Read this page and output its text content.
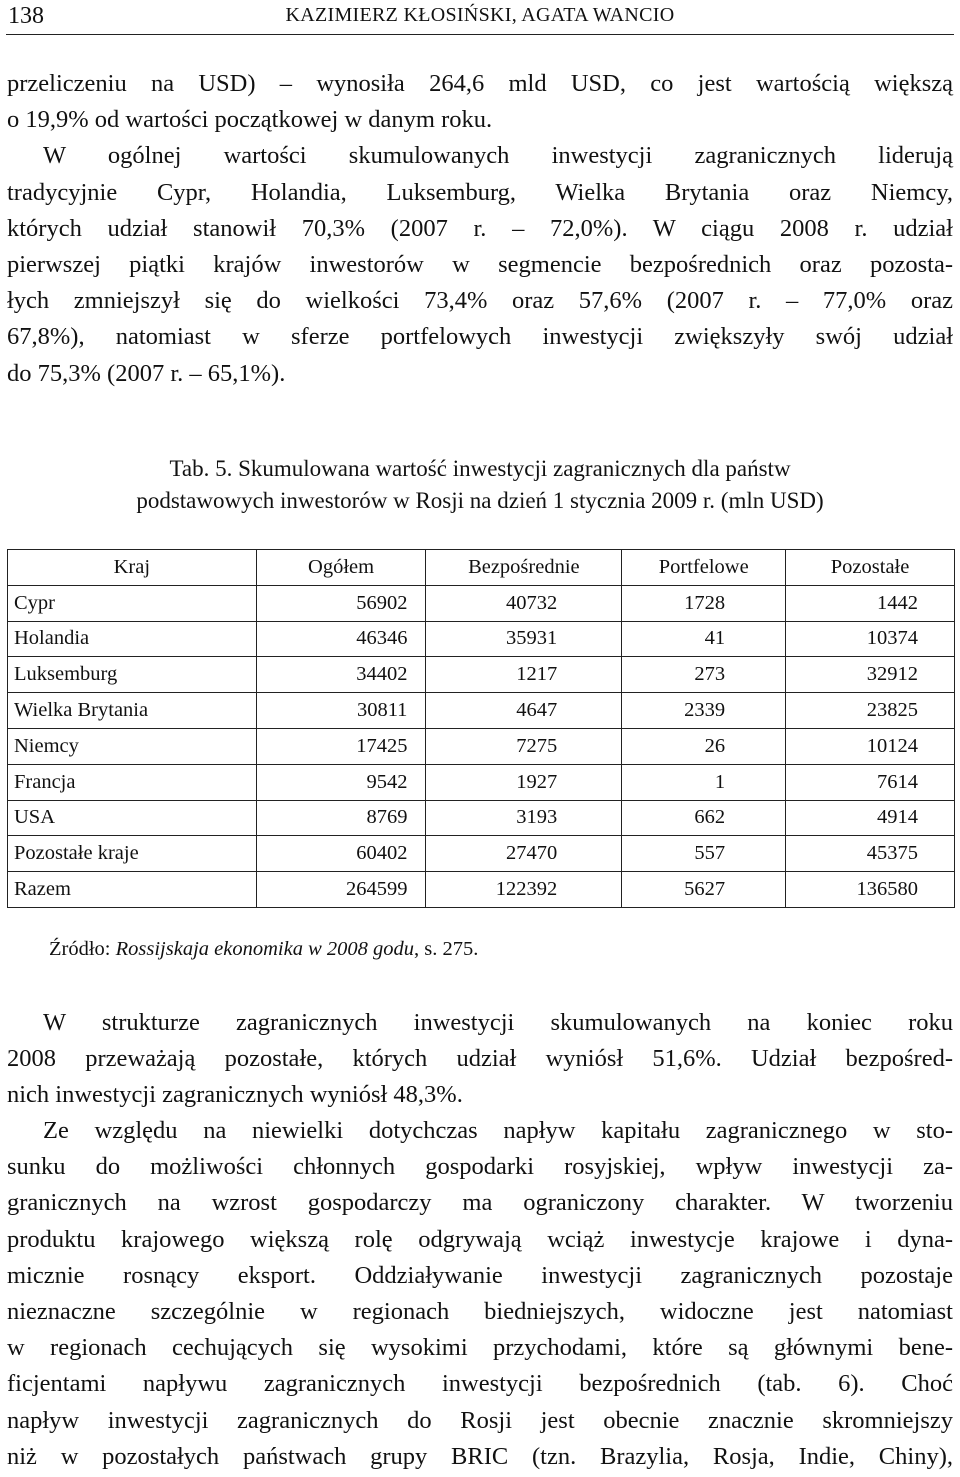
138	KAZIMIERZ KŁOSIŃSKI, AGATA WANCIO
przeliczeniu na USD) – wynosiła 264,6 mld USD, co jest wartością większą
o 19,9% od wartości początkowej w danym roku.
W ogólnej wartości skumulowanych inwestycji zagranicznych liderują
tradycyjnie Cypr, Holandia, Luksemburg, Wielka Brytania oraz Niemcy,
których udział stanowił 70,3% (2007 r. – 72,0%). W ciągu 2008 r. udział
pierwszej piątki krajów inwestorów w segmencie bezpośrednich oraz pozosta-
łych zmniejszył się do wielkości 73,4% oraz 57,6% (2007 r. – 77,0% oraz
67,8%), natomiast w sferze portfelowych inwestycji zwiększyły swój udział
do 75,3% (2007 r. – 65,1%).
Tab. 5. Skumulowana wartość inwestycji zagranicznych dla państw
podstawowych inwestorów w Rosji na dzień 1 stycznia 2009 r. (mln USD)
Kraj	Ogółem	Bezpośrednie	Portfelowe	Pozostałe
Cypr	56902	40732	1728	1442
Holandia	46346	35931	41	10374
Luksemburg	34402	1217	273	32912
Wielka Brytania	30811	4647	2339	23825
Niemcy	17425	7275	26	10124
Francja	9542	1927	1	7614
USA	8769	3193	662	4914
Pozostałe kraje	60402	27470	557	45375
Razem	264599	122392	5627	136580
Źródło: Rossijskaja ekonomika w 2008 godu, s. 275.
W strukturze zagranicznych inwestycji skumulowanych na koniec roku
2008 przeważają pozostałe, których udział wyniósł 51,6%. Udział bezpośred-
nich inwestycji zagranicznych wyniósł 48,3%.
Ze względu na niewielki dotychczas napływ kapitału zagranicznego w sto-
sunku do możliwości chłonnych gospodarki rosyjskiej, wpływ inwestycji za-
granicznych na wzrost gospodarczy ma ograniczony charakter. W tworzeniu
produktu krajowego większą rolę odgrywają wciąż inwestycje krajowe i dyna-
micznie rosnący eksport. Oddziaływanie inwestycji zagranicznych pozostaje
nieznaczne szczególnie w regionach biedniejszych, widoczne jest natomiast
w regionach cechujących się wysokimi przychodami, które są głównymi bene-
ficjentami napływu zagranicznych inwestycji bezpośrednich (tab. 6). Choć
napływ inwestycji zagranicznych do Rosji jest obecnie znacznie skromniejszy
niż w pozostałych państwach grupy BRIC (tzn. Brazylia, Rosja, Indie, Chiny),
